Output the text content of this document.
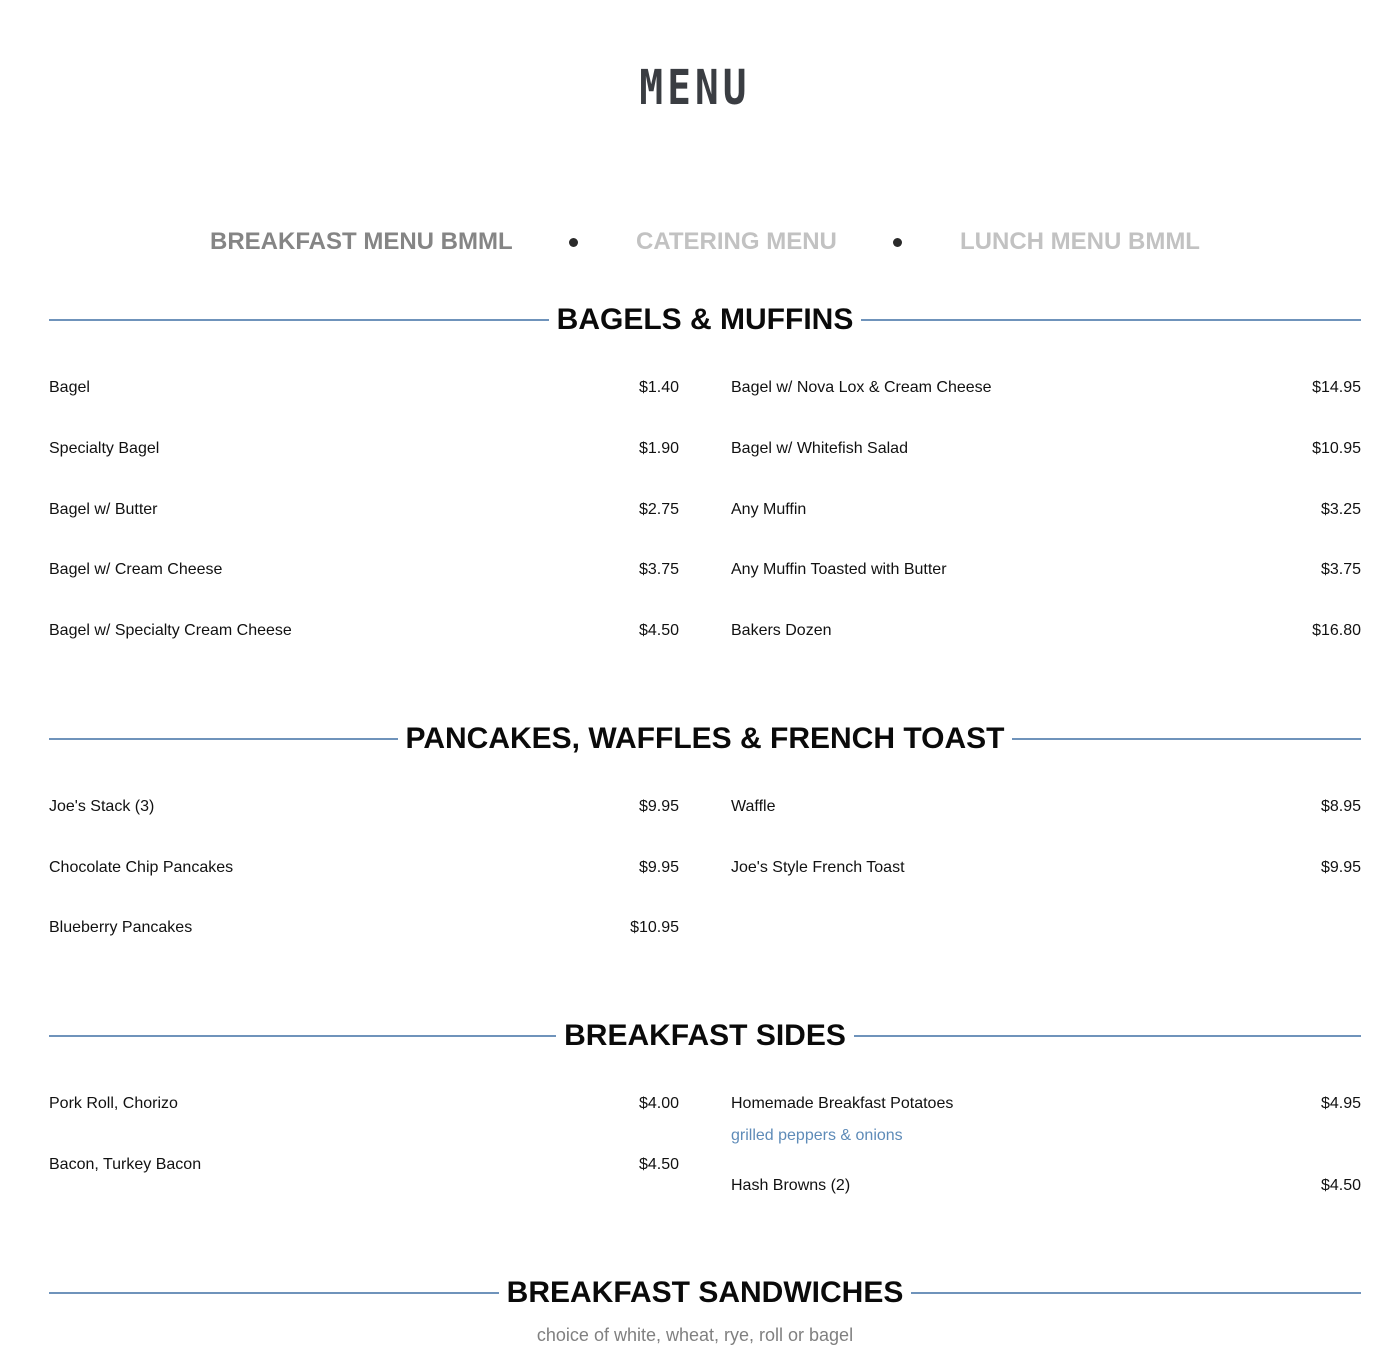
MENU
BREAKFAST MENU BMML	CATERING MENU	LUNCH MENU BMML
BAGELS & MUFFINS
Bagel	$1.40
Specialty Bagel	$1.90
Bagel w/ Butter	$2.75
Bagel w/ Cream Cheese	$3.75
Bagel w/ Specialty Cream Cheese	$4.50
Bagel w/ Nova Lox & Cream Cheese	$14.95
Bagel w/ Whitefish Salad	$10.95
Any Muffin	$3.25
Any Muffin Toasted with Butter	$3.75
Bakers Dozen	$16.80
PANCAKES, WAFFLES & FRENCH TOAST
Joe's Stack (3)	$9.95
Chocolate Chip Pancakes	$9.95
Blueberry Pancakes	$10.95
Waffle	$8.95
Joe's Style French Toast	$9.95
BREAKFAST SIDES
Pork Roll, Chorizo	$4.00
Bacon, Turkey Bacon	$4.50
Homemade Breakfast Potatoes	$4.95
grilled peppers & onions
Hash Browns (2)	$4.50
BREAKFAST SANDWICHES
choice of white, wheat, rye, roll or bagel
